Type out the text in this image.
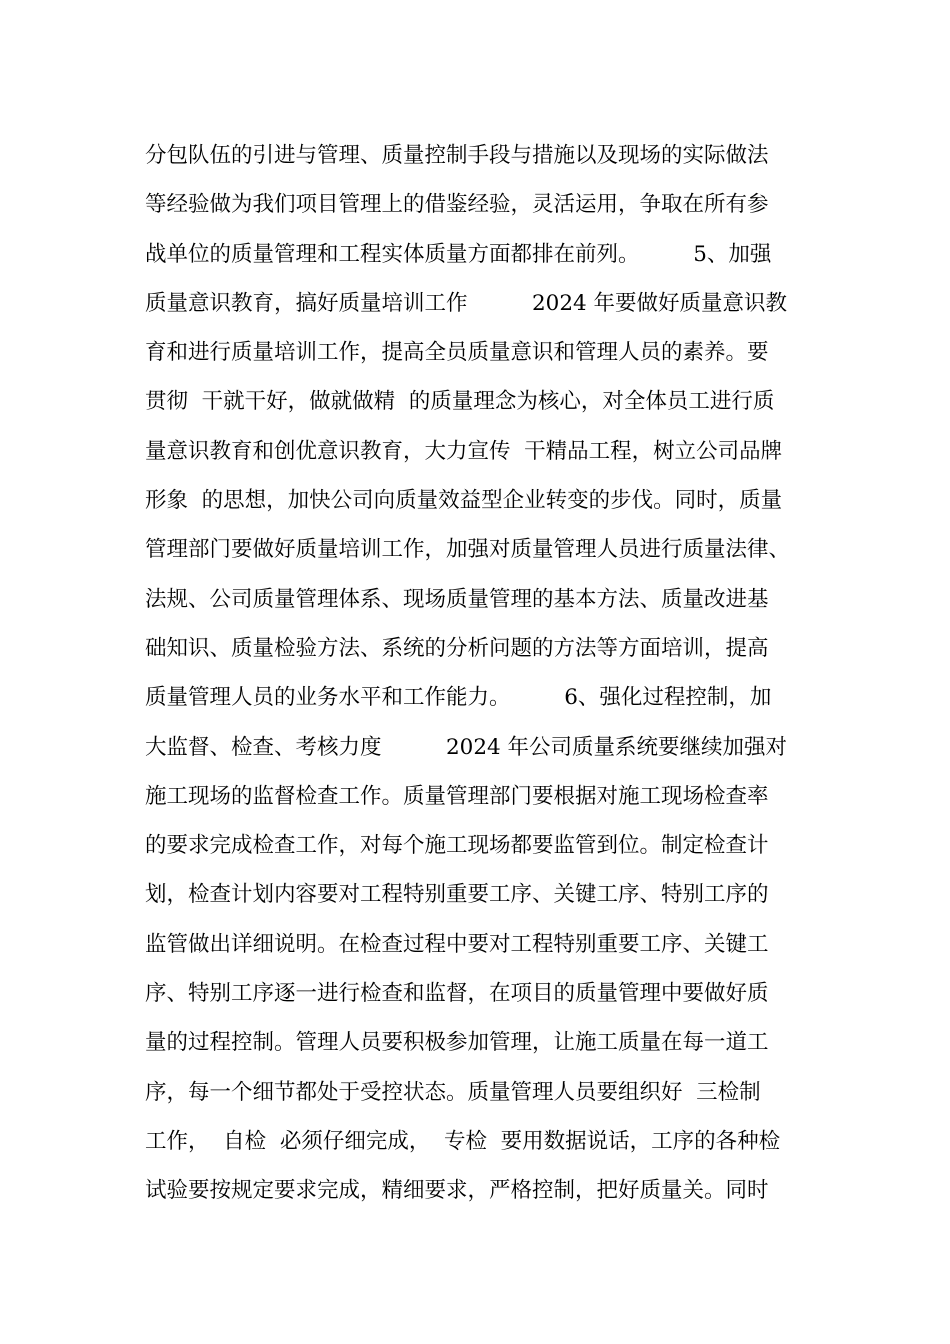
分包队伍的引进与管理、质量控制手段与措施以及现场的实际做法
等经验做为我们项目管理上的借鉴经验，灵活运用，争取在所有参
战单位的质量管理和工程实体质量方面都排在前列。　　　5、加强
质量意识教育，搞好质量培训工作　　　2024 年要做好质量意识教
育和进行质量培训工作，提高全员质量意识和管理人员的素养。要
贯彻  干就干好，做就做精  的质量理念为核心，对全体员工进行质
量意识教育和创优意识教育，大力宣传  干精品工程，树立公司品牌
形象  的思想，加快公司向质量效益型企业转变的步伐。同时，质量
管理部门要做好质量培训工作，加强对质量管理人员进行质量法律、
法规、公司质量管理体系、现场质量管理的基本方法、质量改进基
础知识、质量检验方法、系统的分析问题的方法等方面培训，提高
质量管理人员的业务水平和工作能力。　　　6、强化过程控制，加
大监督、检查、考核力度　　　2024 年公司质量系统要继续加强对
施工现场的监督检查工作。质量管理部门要根据对施工现场检查率
的要求完成检查工作，对每个施工现场都要监管到位。制定检查计
划，检查计划内容要对工程特别重要工序、关键工序、特别工序的
监管做出详细说明。在检查过程中要对工程特别重要工序、关键工
序、特别工序逐一进行检查和监督，在项目的质量管理中要做好质
量的过程控制。管理人员要积极参加管理，让施工质量在每一道工
序，每一个细节都处于受控状态。质量管理人员要组织好  三检制
工作，  自检  必须仔细完成，  专检  要用数据说话，工序的各种检
试验要按规定要求完成，精细要求，严格控制，把好质量关。同时
